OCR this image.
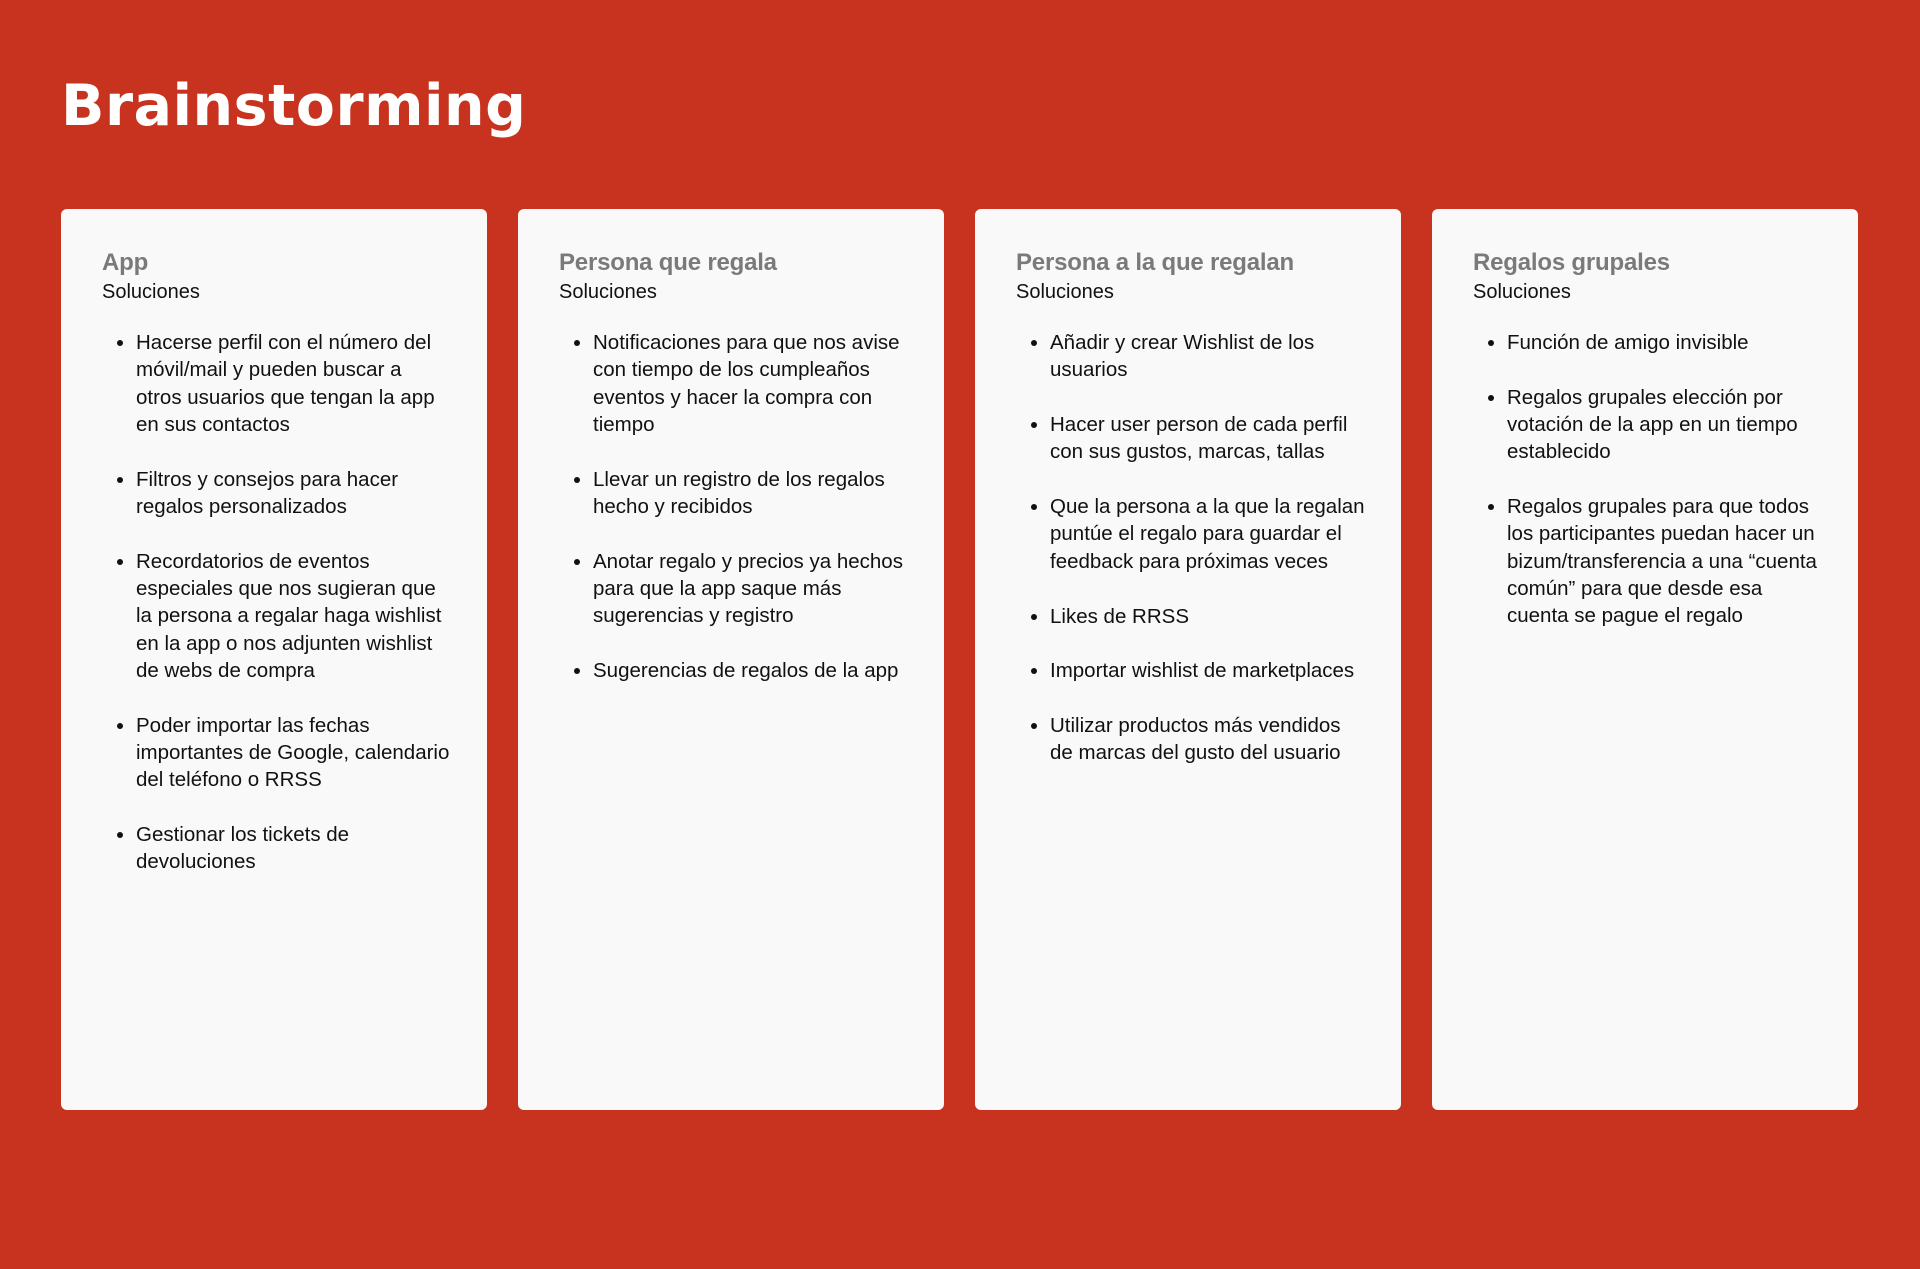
Brainstorming
App

Soluciones

• Hacerse perfil con el número del móvil/mail y pueden buscar a otros usuarios que tengan la app en sus contactos
• Filtros y consejos para hacer regalos personalizados
• Recordatorios de eventos especiales que nos sugieran que la persona a regalar haga wishlist en la app o nos adjunten wishlist de webs de compra
• Poder importar las fechas importantes de Google, calendario del teléfono o RRSS
• Gestionar los tickets de devoluciones
Persona que regala

Soluciones

• Notificaciones para que nos avise con tiempo de los cumpleaños eventos y hacer la compra con tiempo
• Llevar un registro de los regalos hecho y recibidos
• Anotar regalo y precios ya hechos para que la app saque más sugerencias y registro
• Sugerencias de regalos de la app
Persona a la que regalan

Soluciones

• Añadir y crear Wishlist de los usuarios
• Hacer user person de cada perfil con sus gustos, marcas, tallas
• Que la persona a la que la regalan puntúe el regalo para guardar el feedback para próximas veces
• Likes de RRSS
• Importar wishlist de marketplaces
• Utilizar productos más vendidos de marcas del gusto del usuario
Regalos grupales

Soluciones

• Función de amigo invisible
• Regalos grupales elección por votación de la app en un tiempo establecido
• Regalos grupales para que todos los participantes puedan hacer un bizum/transferencia a una “cuenta común” para que desde esa cuenta se pague el regalo
